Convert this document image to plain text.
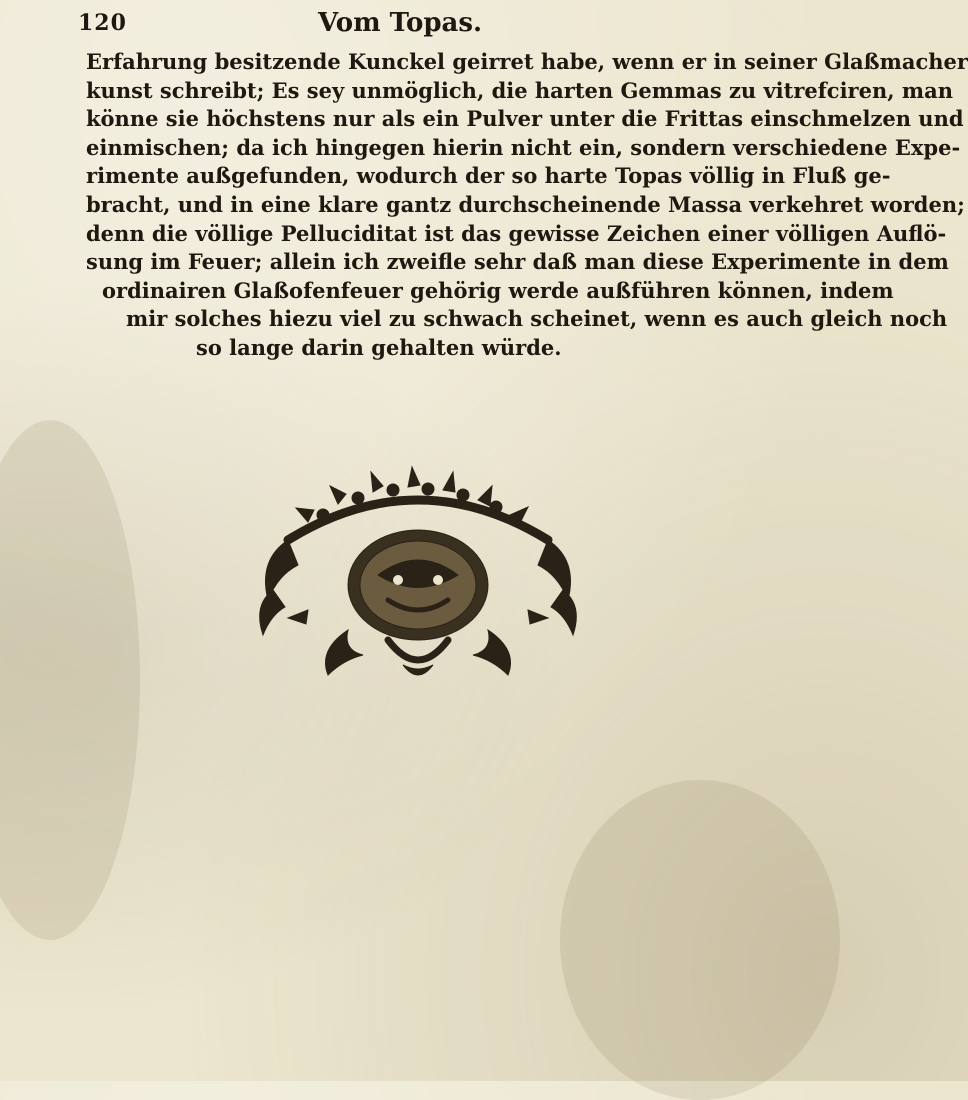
120	Vom Topas.
Erfahrung besitzende Kunckel geirret habe, wenn er in seiner Glaßmacher
kunst schreibt; Es sey unmöglich, die harten Gemmas zu vitrefciren, man
könne sie höchstens nur als ein Pulver unter die Frittas einschmelzen und
einmischen; da ich hingegen hierin nicht ein, sondern verschiedene Expe-
rimente außgefunden, wodurch der so harte Topas völlig in Fluß ge-
bracht, und in eine klare gantz durchscheinende Massa verkehret worden;
denn die völlige Pelluciditat ist das gewisse Zeichen einer völligen Auflö-
sung im Feuer; allein ich zweifle sehr daß man diese Experimente in dem
ordinairen Glaßofenfeuer gehörig werde außführen können, indem
mir solches hiezu viel zu schwach scheinet, wenn es auch gleich noch
so lange darin gehalten würde.
